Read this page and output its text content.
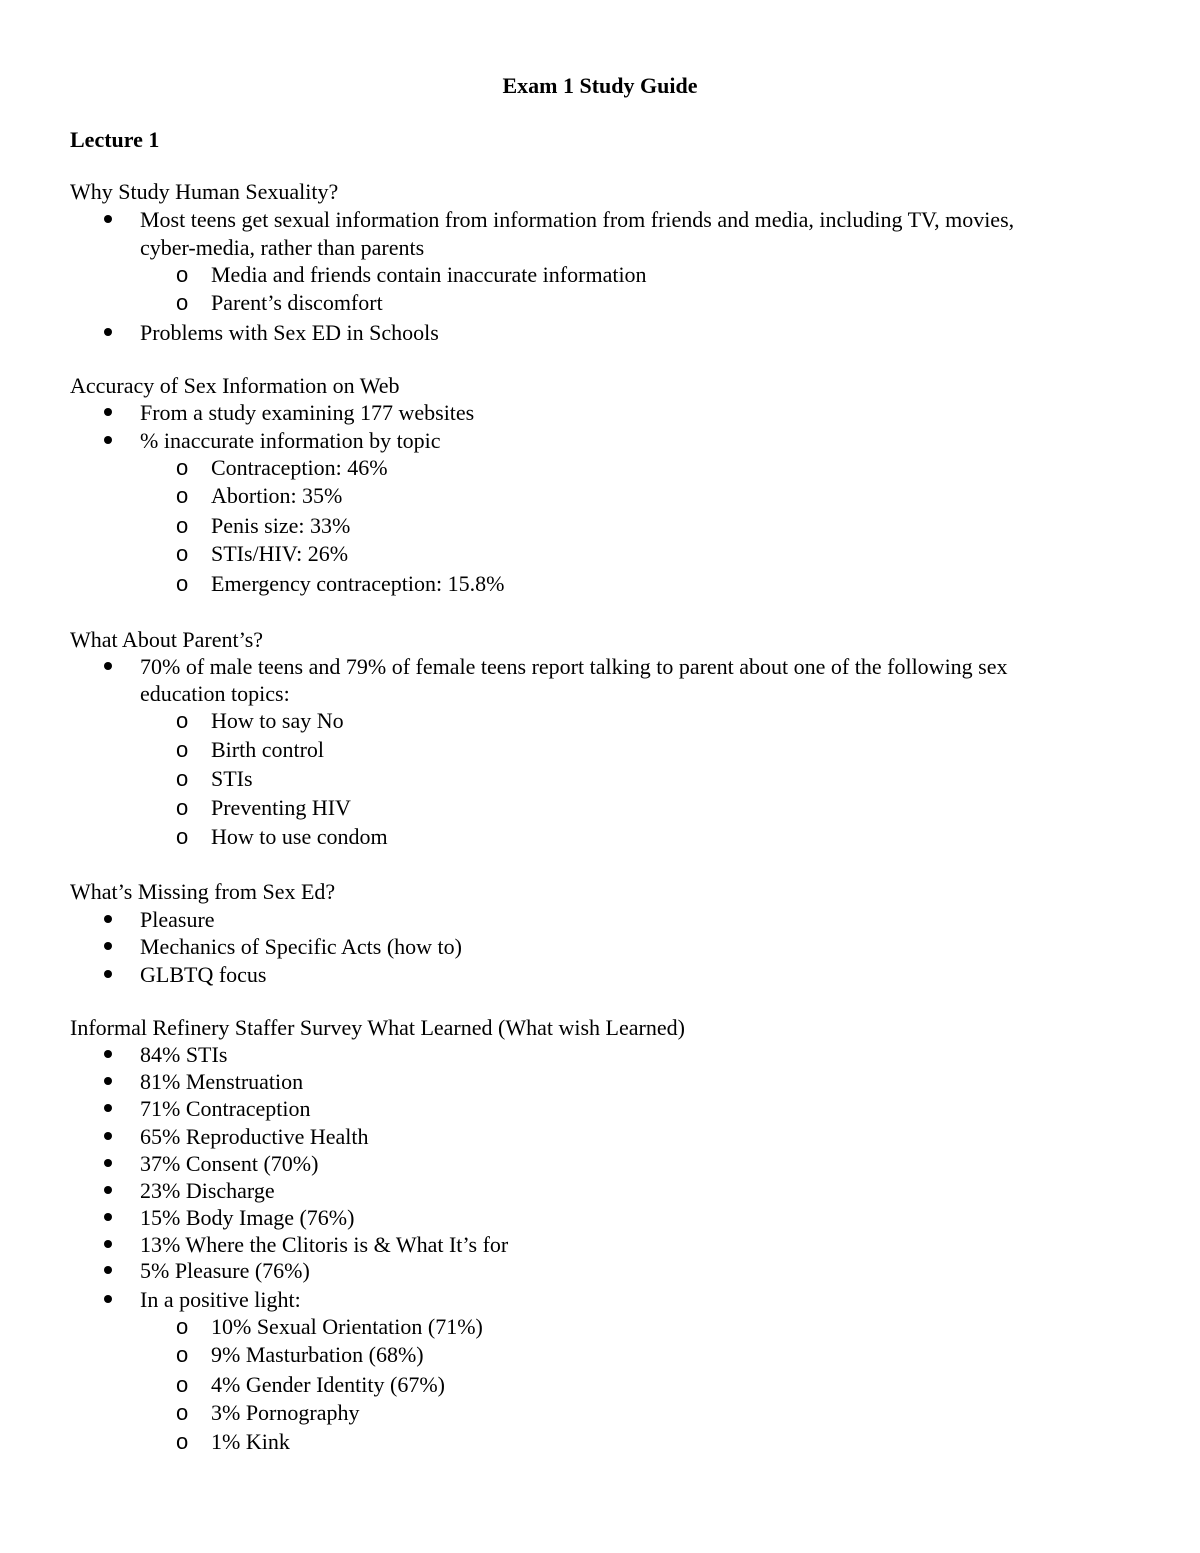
Exam 1 Study Guide
Lecture 1
Why Study Human Sexuality?
Most teens get sexual information from information from friends and media, including TV, movies,
cyber-media, rather than parents
o Media and friends contain inaccurate information
o Parent’s discomfort
Problems with Sex ED in Schools
Accuracy of Sex Information on Web
From a study examining 177 websites
% inaccurate information by topic
o Contraception: 46%
o Abortion: 35%
o Penis size: 33%
o STIs/HIV: 26%
o Emergency contraception: 15.8%
What About Parent’s?
70% of male teens and 79% of female teens report talking to parent about one of the following sex
education topics:
o How to say No
o Birth control
o STIs
o Preventing HIV
o How to use condom
What’s Missing from Sex Ed?
Pleasure
Mechanics of Specific Acts (how to)
GLBTQ focus
Informal Refinery Staffer Survey What Learned (What wish Learned)
84% STIs
81% Menstruation
71% Contraception
65% Reproductive Health
37% Consent (70%)
23% Discharge
15% Body Image (76%)
13% Where the Clitoris is & What It’s for
5% Pleasure (76%)
In a positive light:
o 10% Sexual Orientation (71%)
o 9% Masturbation (68%)
o 4% Gender Identity (67%)
o 3% Pornography
o 1% Kink
